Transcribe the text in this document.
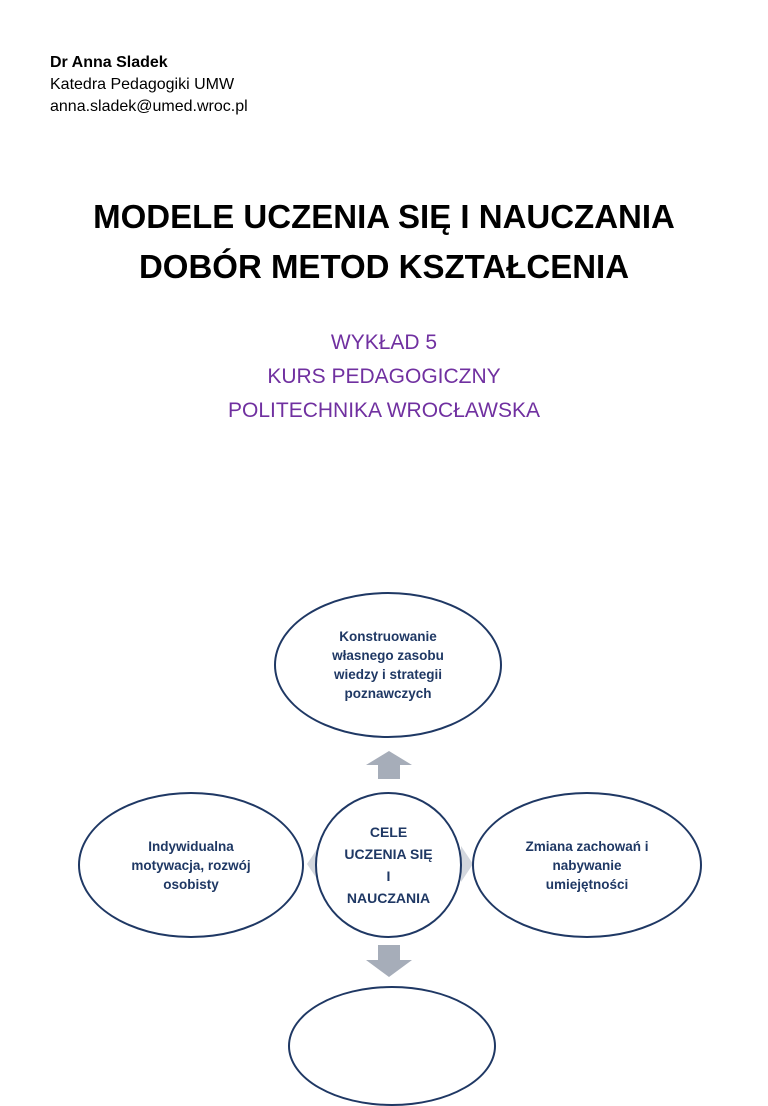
Dr Anna Sladek
Katedra Pedagogiki UMW
anna.sladek@umed.wroc.pl
MODELE UCZENIA SIĘ I NAUCZANIA
DOBÓR METOD KSZTAŁCENIA
WYKŁAD 5
KURS PEDAGOGICZNY
POLITECHNIKA WROCŁAWSKA
Konstruowanie
własnego zasobu
wiedzy i strategii
poznawczych
Indywidualna
motywacja, rozwój
osobisty
Zmiana zachowań i
nabywanie
umiejętności
CELE
UCZENIA SIĘ
I
NAUCZANIA
